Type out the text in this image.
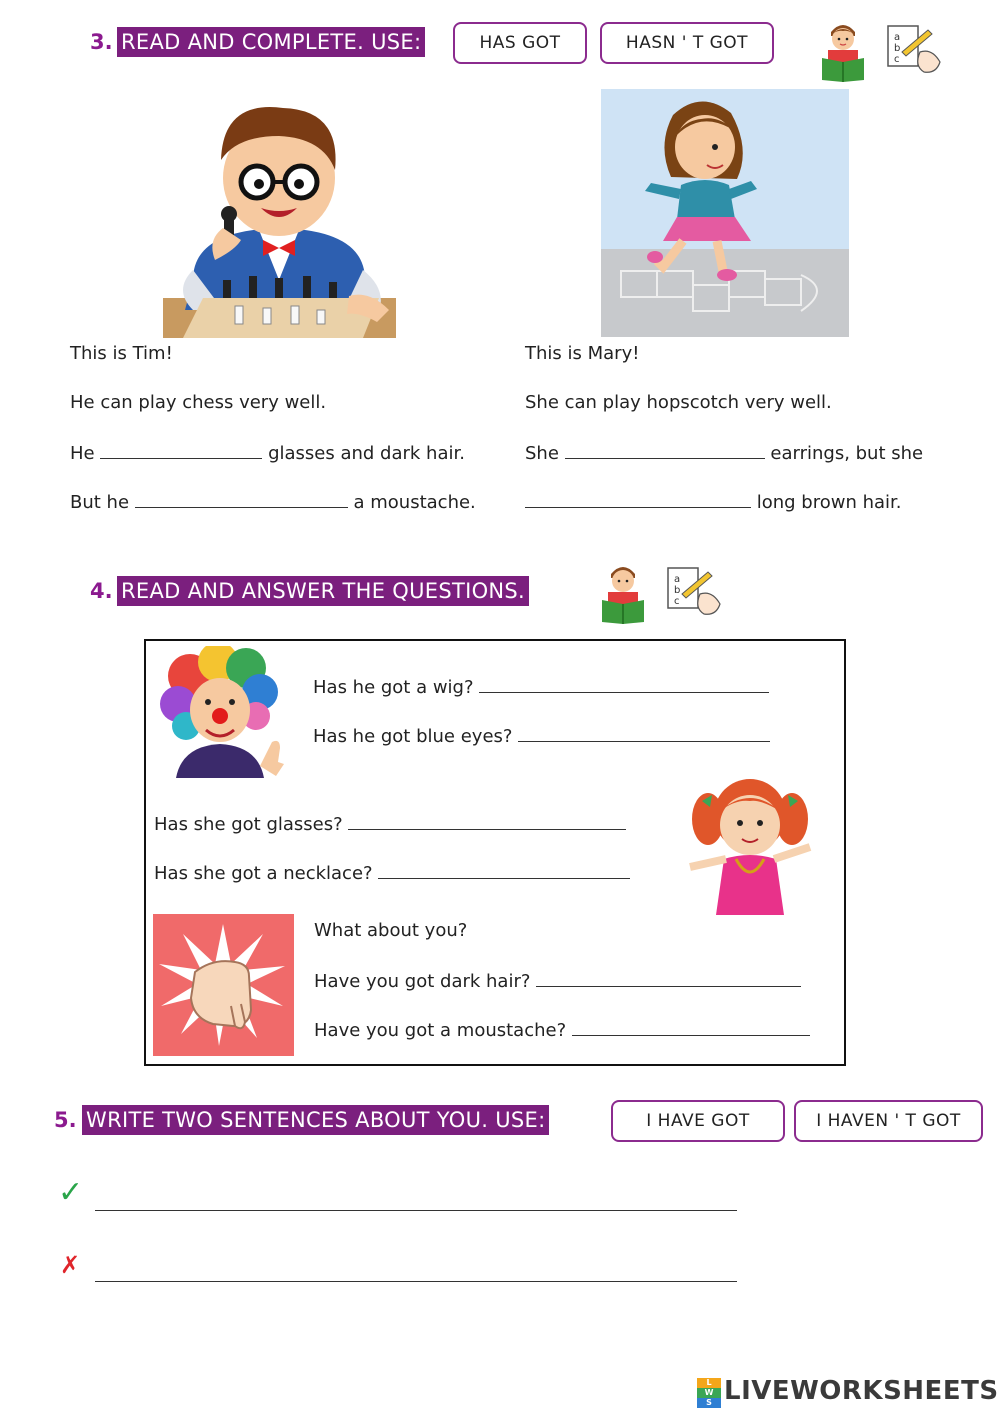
3. READ AND COMPLETE. USE:	HAS GOT	HASN ' T GOT	a
b
c
This is Tim!
He can play chess very well.
He	glasses and dark hair.
But he	a moustache.
This is Mary!
She can play hopscotch very well.
She	earrings, but she
long brown hair.
4. READ AND ANSWER THE QUESTIONS.	a
b
c
Has he got a wig?
Has he got blue eyes?
Has she got glasses?
Has she got a necklace?
What about you?
Have you got dark hair?
Have you got a moustache?
5. WRITE TWO SENTENCES ABOUT YOU. USE:	I HAVE GOT	I HAVEN ' T GOT
✓
✗
L
W
S LIVEWORKSHEETS
